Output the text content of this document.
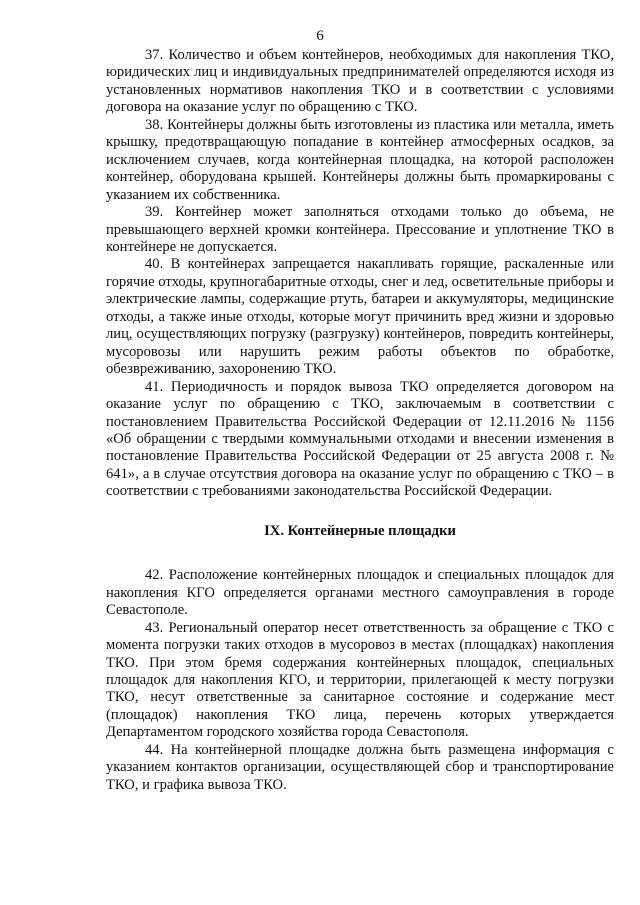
6

37. Количество и объем контейнеров, необходимых для накопления ТКО, юридических лиц и индивидуальных предпринимателей определяются исходя из установленных нормативов накопления ТКО и в соответствии с условиями договора на оказание услуг по обращению с ТКО.

38. Контейнеры должны быть изготовлены из пластика или металла, иметь крышку, предотвращающую попадание в контейнер атмосферных осадков, за исключением случаев, когда контейнерная площадка, на которой расположен контейнер, оборудована крышей. Контейнеры должны быть промаркированы с указанием их собственника.

39. Контейнер может заполняться отходами только до объема, не превышающего верхней кромки контейнера. Прессование и уплотнение ТКО в контейнере не допускается.

40. В контейнерах запрещается накапливать горящие, раскаленные или горячие отходы, крупногабаритные отходы, снег и лед, осветительные приборы и электрические лампы, содержащие ртуть, батареи и аккумуляторы, медицинские отходы, а также иные отходы, которые могут причинить вред жизни и здоровью лиц, осуществляющих погрузку (разгрузку) контейнеров, повредить контейнеры, мусоровозы или нарушить режим работы объектов по обработке, обезвреживанию, захоронению ТКО.

41. Периодичность и порядок вывоза ТКО определяется договором на оказание услуг по обращению с ТКО, заключаемым в соответствии с постановлением Правительства Российской Федерации от 12.11.2016 № 1156 «Об обращении с твердыми коммунальными отходами и внесении изменения в постановление Правительства Российской Федерации от 25 августа 2008 г. № 641», а в случае отсутствия договора на оказание услуг по обращению с ТКО – в соответствии с требованиями законодательства Российской Федерации.

IX. Контейнерные площадки

42. Расположение контейнерных площадок и специальных площадок для накопления КГО определяется органами местного самоуправления в городе Севастополе.

43. Региональный оператор несет ответственность за обращение с ТКО с момента погрузки таких отходов в мусоровоз в местах (площадках) накопления ТКО. При этом бремя содержания контейнерных площадок, специальных площадок для накопления КГО, и территории, прилегающей к месту погрузки ТКО, несут ответственные за санитарное состояние и содержание мест (площадок) накопления ТКО лица, перечень которых утверждается Департаментом городского хозяйства города Севастополя.

44. На контейнерной площадке должна быть размещена информация с указанием контактов организации, осуществляющей сбор и транспортирование ТКО, и графика вывоза ТКО.
